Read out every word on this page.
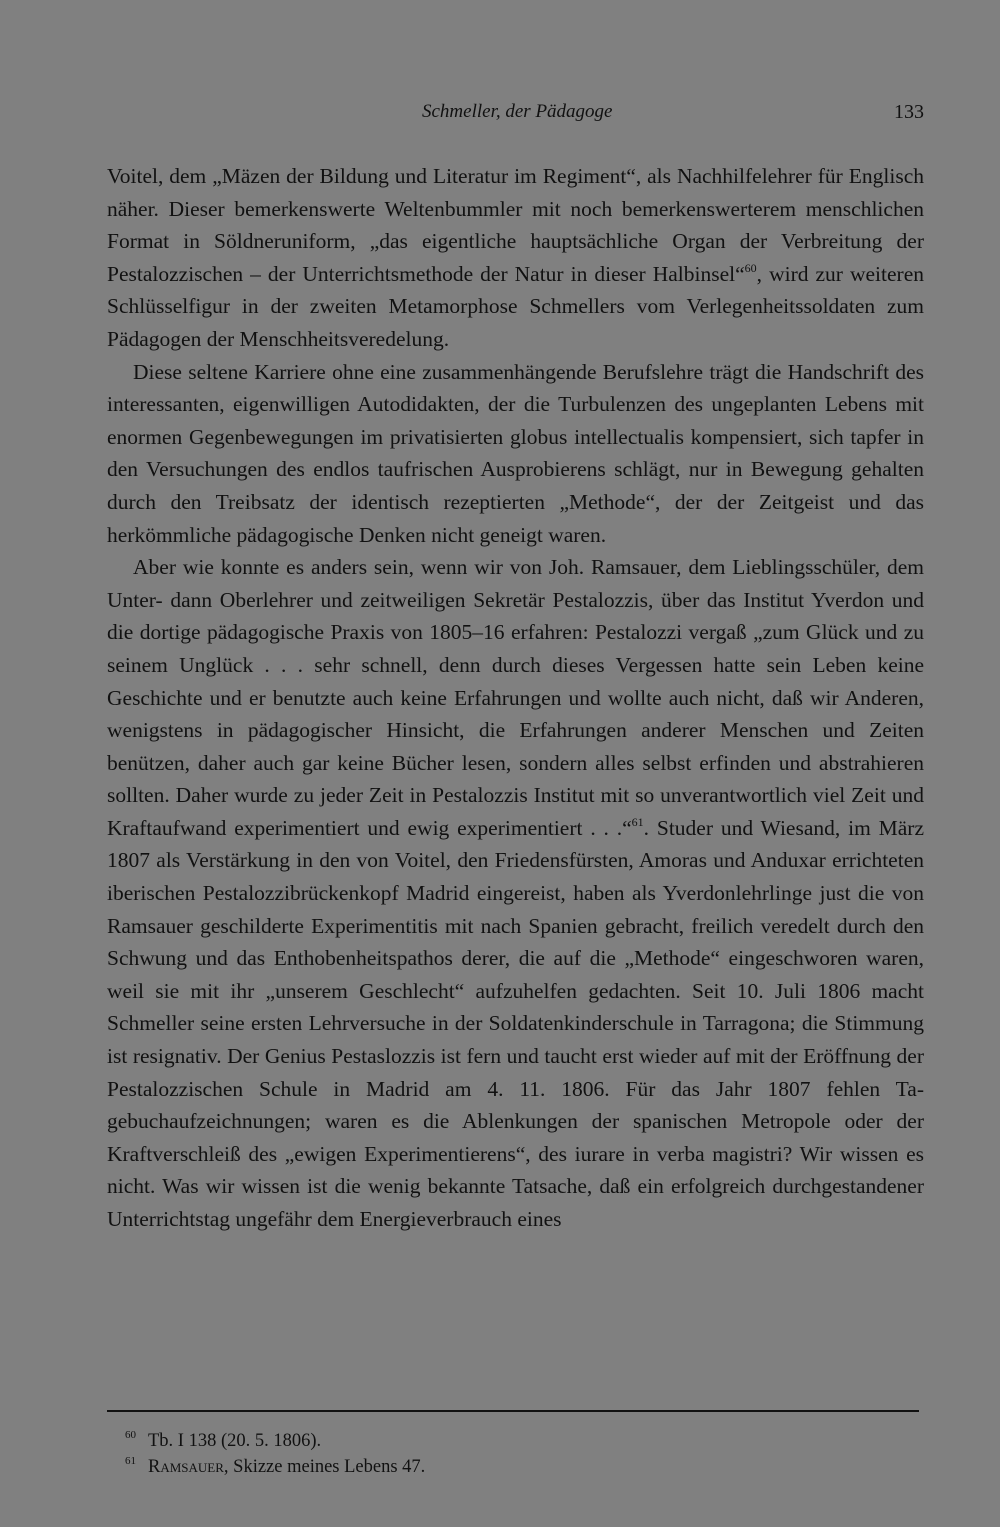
Schmeller, der Pädagoge	133

Voitel, dem „Mäzen der Bildung und Literatur im Regiment“, als Nachhilfelehrer für Englisch näher. Dieser bemerkenswerte Weltenbummler mit noch bemerkenswerterem menschlichen Format in Söldneruniform, „das eigentliche hauptsächliche Organ der Verbreitung der Pestalozzischen – der Unterrichtsmethode der Natur in dieser Halbinsel“$^{60}$, wird zur weiteren Schlüsselfigur in der zweiten Metamorphose Schmellers vom Verlegenheitssoldaten zum Pädagogen der Menschheitsveredelung.

Diese seltene Karriere ohne eine zusammenhängende Berufslehre trägt die Handschrift des interessanten, eigenwilligen Autodidakten, der die Turbulenzen des ungeplanten Lebens mit enormen Gegenbewegungen im privatisierten globus intellectualis kompensiert, sich tapfer in den Versuchungen des endlos taufrischen Ausprobierens schlägt, nur in Bewegung gehalten durch den Treibsatz der identisch rezeptierten „Methode“, der der Zeitgeist und das herkömmliche pädagogische Denken nicht geneigt waren.

Aber wie konnte es anders sein, wenn wir von Joh. Ramsauer, dem Lieblingsschüler, dem Unter- dann Oberlehrer und zeitweiligen Sekretär Pestalozzis, über das Institut Yverdon und die dortige pädagogische Praxis von 1805–16 erfahren: Pestalozzi vergaß „zum Glück und zu seinem Unglück . . . sehr schnell, denn durch dieses Vergessen hatte sein Leben keine Geschichte und er benutzte auch keine Erfahrungen und wollte auch nicht, daß wir Anderen, wenigstens in pädagogischer Hinsicht, die Erfahrungen anderer Menschen und Zeiten benützen, daher auch gar keine Bücher lesen, sondern alles selbst erfinden und abstrahieren sollten. Daher wurde zu jeder Zeit in Pestalozzis Institut mit so unverantwortlich viel Zeit und Kraftaufwand experimentiert und ewig experimentiert . . .“$^{61}$. Studer und Wiesand, im März 1807 als Verstärkung in den von Voitel, den Friedensfürsten, Amoras und Anduxar errichteten iberischen Pestalozzibrückenkopf Madrid eingereist, haben als Yverdonlehrlinge just die von Ramsauer geschilderte Experimentitis mit nach Spanien gebracht, freilich veredelt durch den Schwung und das Enthobenheitspathos derer, die auf die „Methode“ eingeschworen waren, weil sie mit ihr „unserem Geschlecht“ aufzuhelfen gedachten. Seit 10. Juli 1806 macht Schmeller seine ersten Lehrversuche in der Soldatenkinderschule in Tarragona; die Stimmung ist resignativ. Der Genius Pestaslozzis ist fern und taucht erst wieder auf mit der Eröffnung der Pestalozzischen Schule in Madrid am 4. 11. 1806. Für das Jahr 1807 fehlen Tagebuchaufzeichnungen; waren es die Ablenkungen der spanischen Metropole oder der Kraftverschleiß des „ewigen Experimentierens“, des iurare in verba magistri? Wir wissen es nicht. Was wir wissen ist die wenig bekannte Tatsache, daß ein erfolgreich durchgestandener Unterrichtstag ungefähr dem Energieverbrauch eines

$^{60}$ Tb. I 138 (20. 5. 1806).

$^{61}$ Ramsauer, Skizze meines Lebens 47.
